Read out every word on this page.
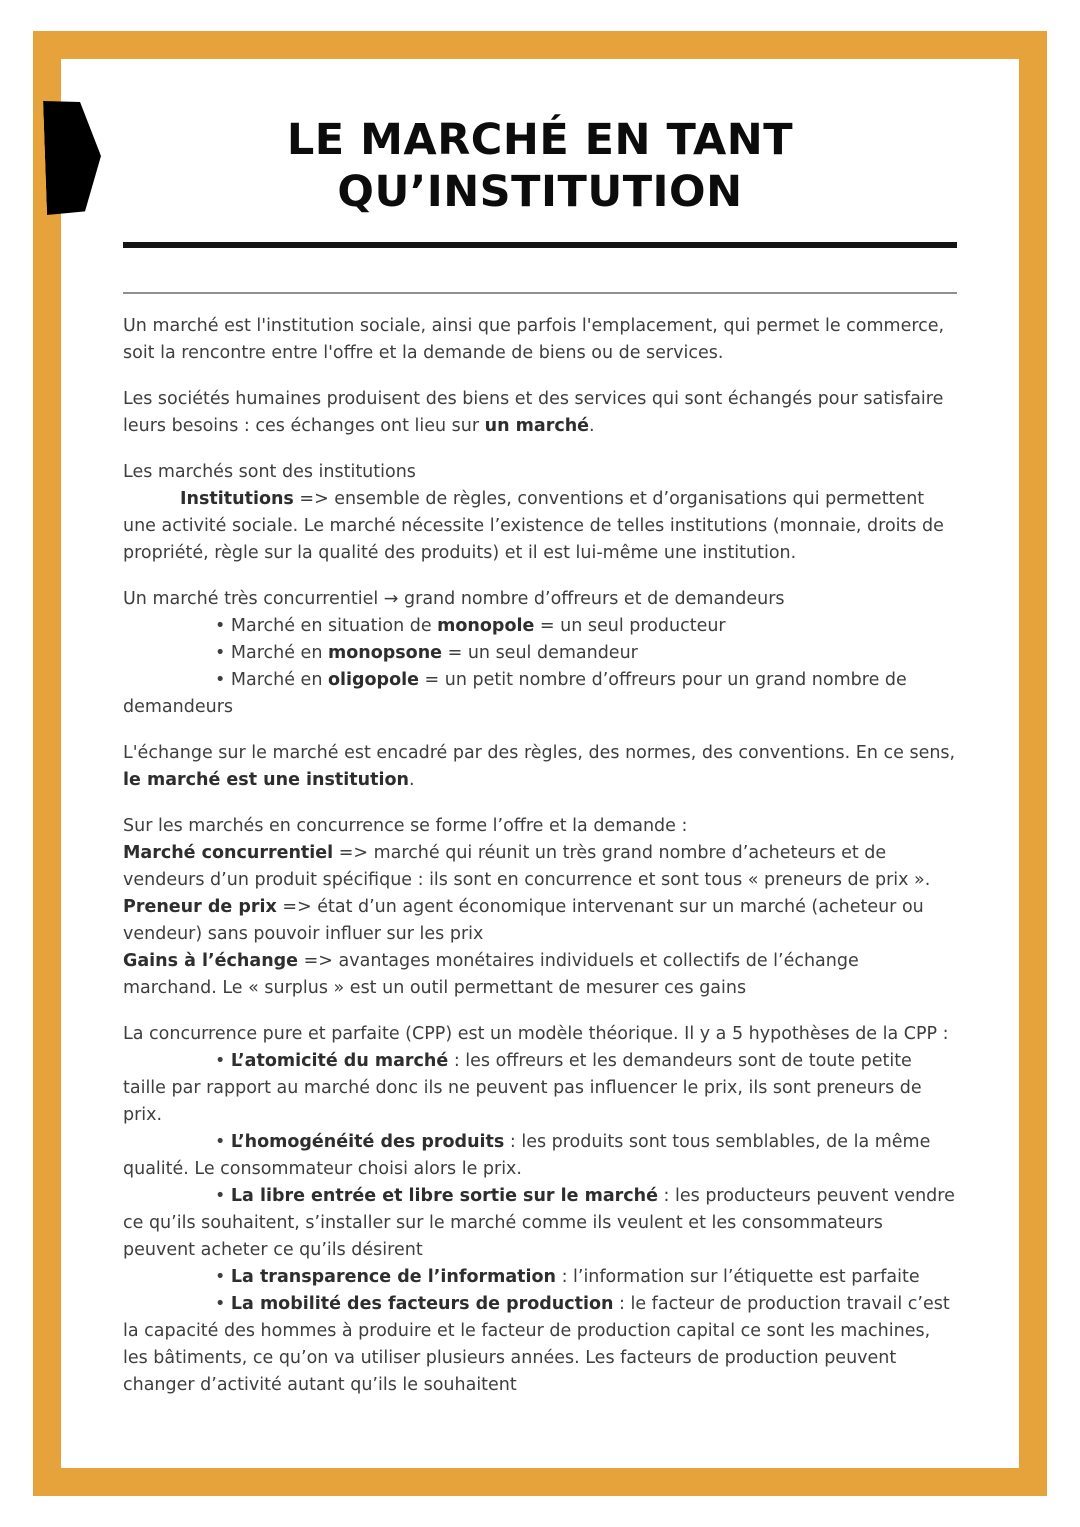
LE MARCHÉ EN TANT
QU’INSTITUTION

Un marché est l'institution sociale, ainsi que parfois l'emplacement, qui permet le commerce, soit la rencontre entre l'offre et la demande de biens ou de services.

Les sociétés humaines produisent des biens et des services qui sont échangés pour satisfaire leurs besoins : ces échanges ont lieu sur un marché.

Les marchés sont des institutions

Institutions => ensemble de règles, conventions et d’organisations qui permettent une activité sociale. Le marché nécessite l’existence de telles institutions (monnaie, droits de propriété, règle sur la qualité des produits) et il est lui-même une institution.

Un marché très concurrentiel → grand nombre d’offreurs et de demandeurs

• Marché en situation de monopole = un seul producteur

• Marché en monopsone = un seul demandeur

• Marché en oligopole = un petit nombre d’offreurs pour un grand nombre de demandeurs

L'échange sur le marché est encadré par des règles, des normes, des conventions. En ce sens,
le marché est une institution.

Sur les marchés en concurrence se forme l’offre et la demande :

Marché concurrentiel => marché qui réunit un très grand nombre d’acheteurs et de vendeurs d’un produit spécifique : ils sont en concurrence et sont tous « preneurs de prix ».

Preneur de prix => état d’un agent économique intervenant sur un marché (acheteur ou vendeur) sans pouvoir influer sur les prix

Gains à l’échange => avantages monétaires individuels et collectifs de l’échange marchand. Le « surplus » est un outil permettant de mesurer ces gains

La concurrence pure et parfaite (CPP) est un modèle théorique. Il y a 5 hypothèses de la CPP :

• L’atomicité du marché : les offreurs et les demandeurs sont de toute petite taille par rapport au marché donc ils ne peuvent pas influencer le prix, ils sont preneurs de prix.

• L’homogénéité des produits : les produits sont tous semblables, de la même qualité. Le consommateur choisi alors le prix.

• La libre entrée et libre sortie sur le marché : les producteurs peuvent vendre ce qu’ils souhaitent, s’installer sur le marché comme ils veulent et les consommateurs peuvent acheter ce qu’ils désirent

• La transparence de l’information : l’information sur l’étiquette est parfaite

• La mobilité des facteurs de production : le facteur de production travail c’est la capacité des hommes à produire et le facteur de production capital ce sont les machines, les bâtiments, ce qu’on va utiliser plusieurs années. Les facteurs de production peuvent changer d’activité autant qu’ils le souhaitent
